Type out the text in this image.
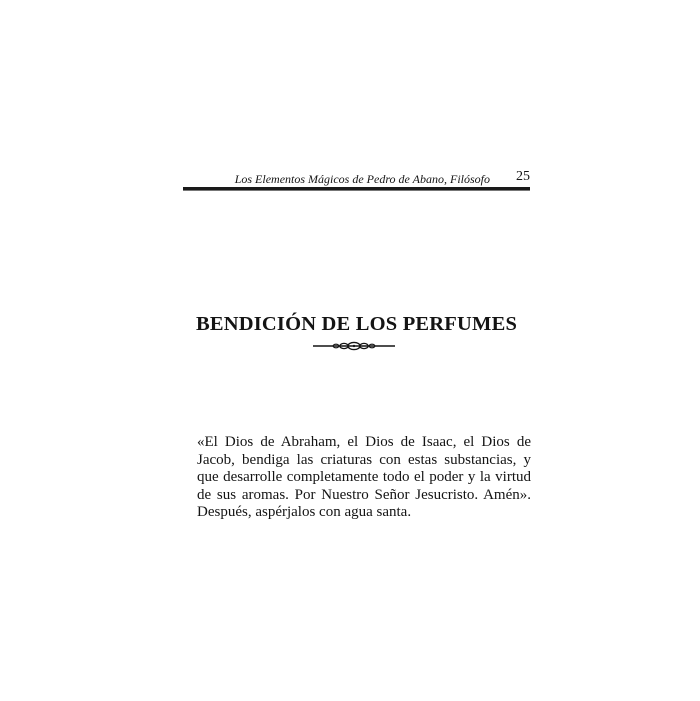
Los Elementos Mágicos de Pedro de Abano, Filósofo 25
BENDICIÓN DE LOS PERFUMES
«El Dios de Abraham, el Dios de Isaac, el Dios de
Jacob, bendiga las criaturas con estas substancias, y
que desarrolle completamente todo el poder y la virtud
de sus aromas. Por Nuestro Señor Jesucristo. Amén».
Después, aspérjalos con agua santa.
